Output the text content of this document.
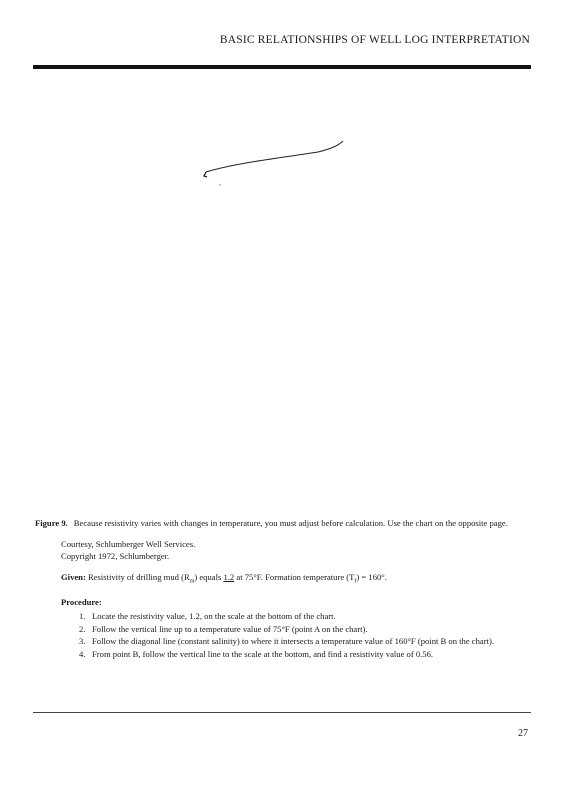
BASIC RELATIONSHIPS OF WELL LOG INTERPRETATION
Figure 9. Because resistivity varies with changes in temperature, you must adjust before calculation. Use the chart on the opposite page.
Courtesy, Schlumberger Well Services.
Copyright 1972, Schlumberger.
Given: Resistivity of drilling mud $(R_m)$ equals 1.2 at 75°F. Formation temperature $(T_f) = 160^\circ$.
Procedure:
1. Locate the resistivity value, 1.2, on the scale at the bottom of the chart.
2. Follow the vertical line up to a temperature value of 75°F (point A on the chart).
3. Follow the diagonal line (constant salinity) to where it intersects a temperature value of 160°F (point B on the chart).
4. From point B, follow the vertical line to the scale at the bottom, and find a resistivity value of 0.56.
27
